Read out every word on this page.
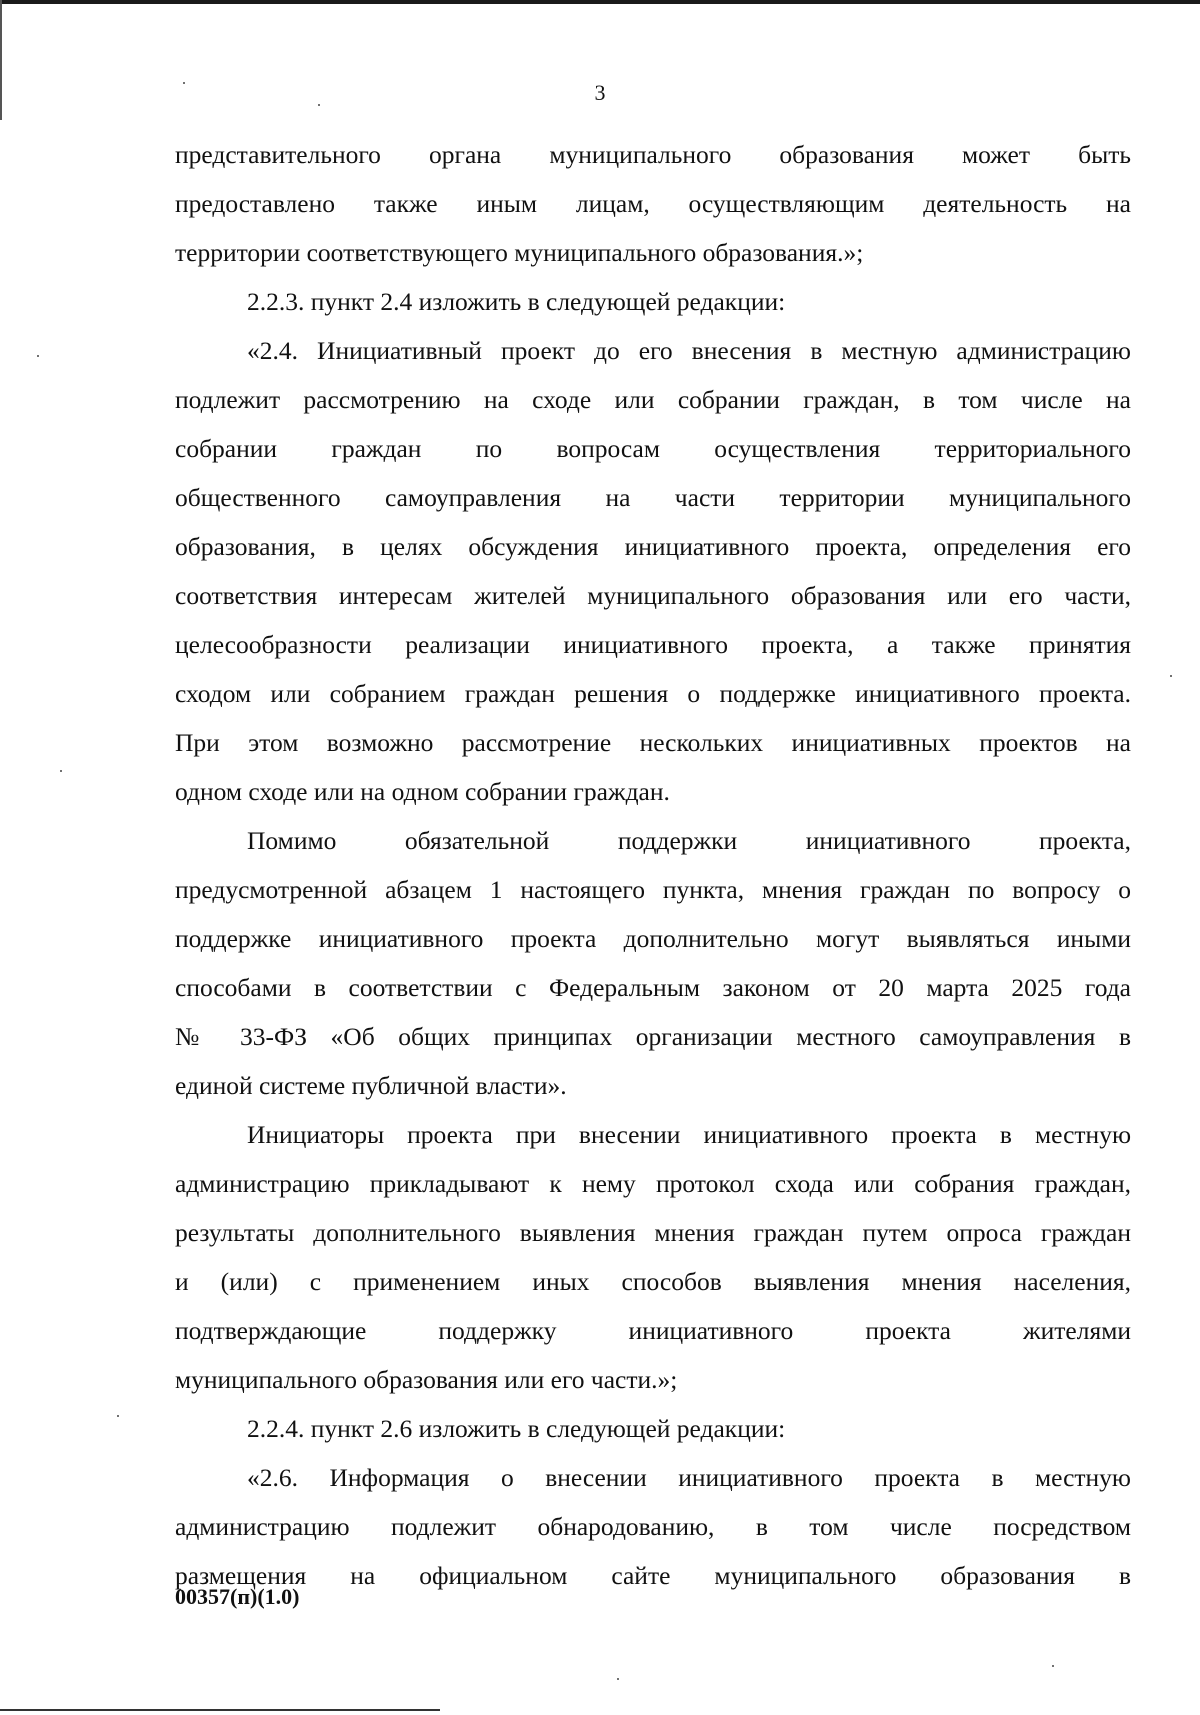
3
представительного органа муниципального образования может быть
предоставлено также иным лицам, осуществляющим деятельность на
территории соответствующего муниципального образования.»;
2.2.3. пункт 2.4 изложить в следующей редакции:
«2.4. Инициативный проект до его внесения в местную администрацию
подлежит рассмотрению на сходе или собрании граждан, в том числе на
собрании граждан по вопросам осуществления территориального
общественного самоуправления на части территории муниципального
образования, в целях обсуждения инициативного проекта, определения его
соответствия интересам жителей муниципального образования или его части,
целесообразности реализации инициативного проекта, а также принятия
сходом или собранием граждан решения о поддержке инициативного проекта.
При этом возможно рассмотрение нескольких инициативных проектов на
одном сходе или на одном собрании граждан.
Помимо обязательной поддержки инициативного проекта,
предусмотренной абзацем 1 настоящего пункта, мнения граждан по вопросу о
поддержке инициативного проекта дополнительно могут выявляться иными
способами в соответствии с Федеральным законом от 20 марта 2025 года
№ 33-ФЗ «Об общих принципах организации местного самоуправления в
единой системе публичной власти».
Инициаторы проекта при внесении инициативного проекта в местную
администрацию прикладывают к нему протокол схода или собрания граждан,
результаты дополнительного выявления мнения граждан путем опроса граждан
и (или) с применением иных способов выявления мнения населения,
подтверждающие поддержку инициативного проекта жителями
муниципального образования или его части.»;
2.2.4. пункт 2.6 изложить в следующей редакции:
«2.6. Информация о внесении инициативного проекта в местную
администрацию подлежит обнародованию, в том числе посредством
размещения на официальном сайте муниципального образования в
00357(п)(1.0)
